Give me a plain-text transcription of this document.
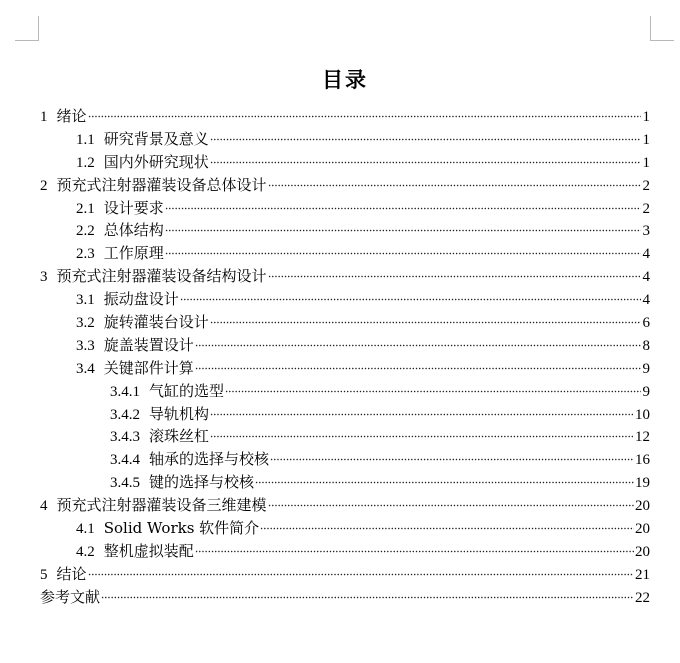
目录
1 绪论	1
1.1 研究背景及意义	1
1.2 国内外研究现状	1
2 预充式注射器灌装设备总体设计	2
2.1 设计要求	2
2.2 总体结构	3
2.3 工作原理	4
3 预充式注射器灌装设备结构设计	4
3.1 振动盘设计	4
3.2 旋转灌装台设计	6
3.3 旋盖装置设计	8
3.4 关键部件计算	9
3.4.1 气缸的选型	9
3.4.2 导轨机构	10
3.4.3 滚珠丝杠	12
3.4.4 轴承的选择与校核	16
3.4.5 键的选择与校核	19
4 预充式注射器灌装设备三维建模	20
4.1 Solid Works 软件简介	20
4.2 整机虚拟装配	20
5 结论	21
参考文献	22
